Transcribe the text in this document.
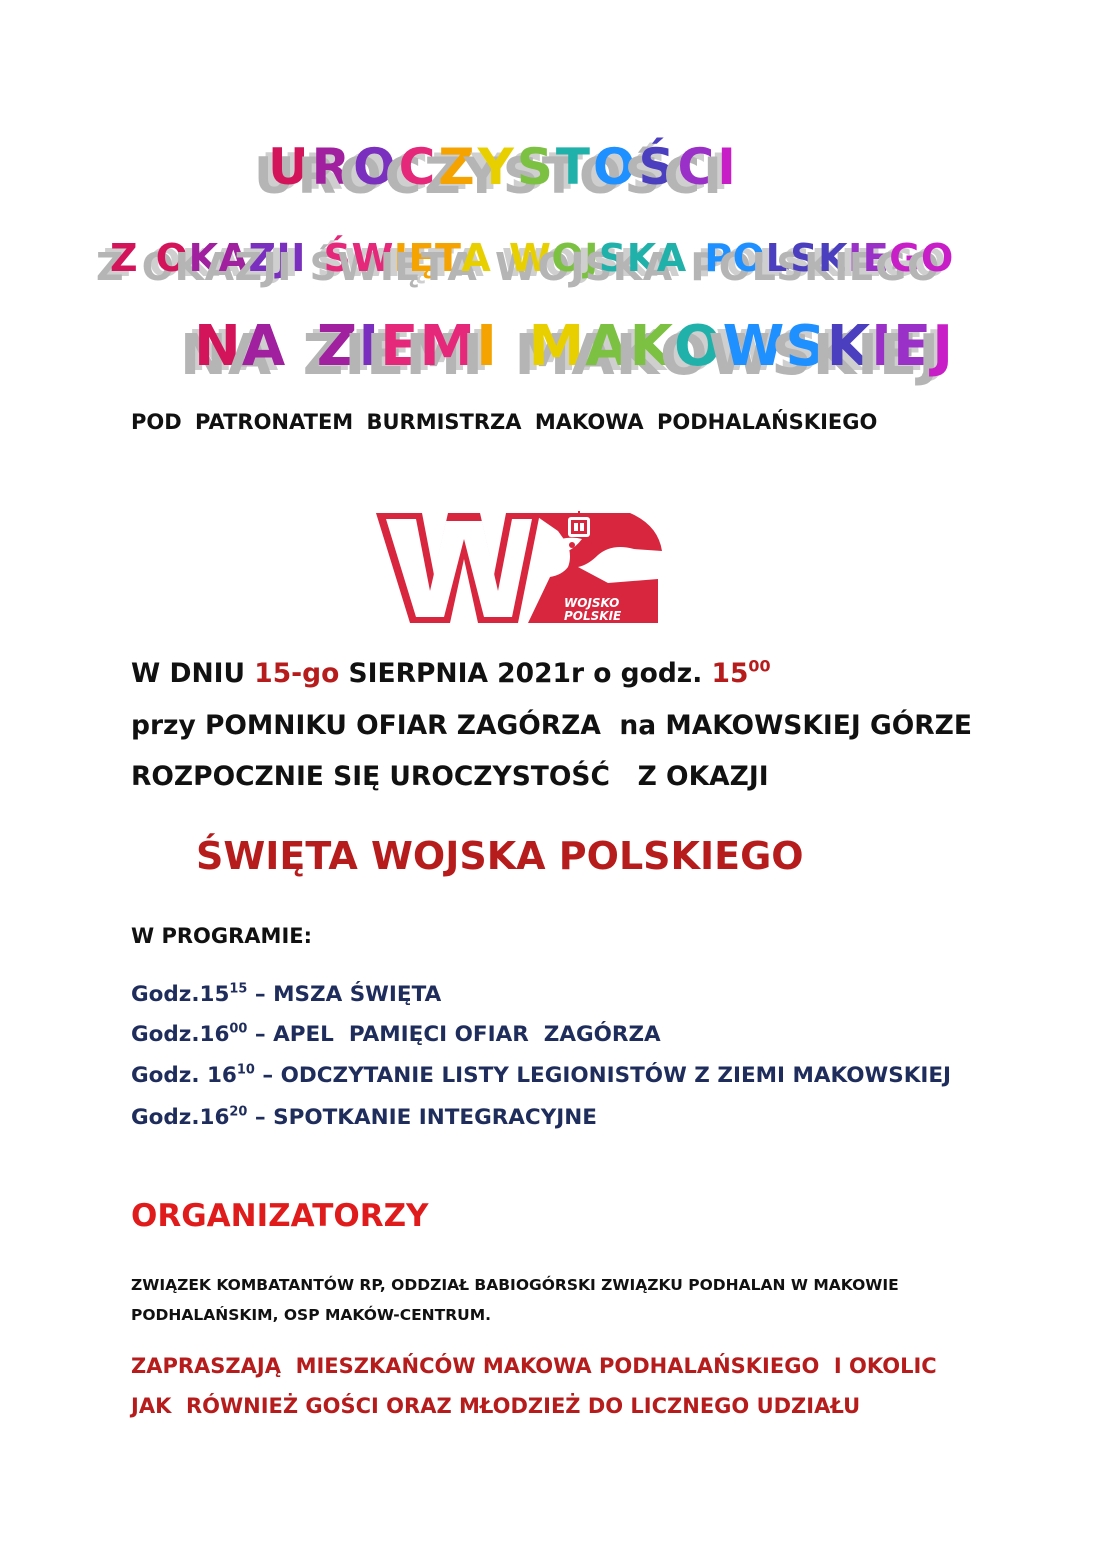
UROCZYSTOŚCI
Z OKAZJI ŚWIĘTA WOJSKA POLSKIEGO
NA ZIEMI MAKOWSKIEJ
POD PATRONATEM BURMISTRZA MAKOWA PODHALAŃSKIEGO
WOJSKO
POLSKIE
W DNIU 15-go SIERPNIA 2021r o godz. $15^{00}$
przy POMNIKU OFIAR ZAGÓRZA  na MAKOWSKIEJ GÓRZE
ROZPOCZNIE SIĘ UROCZYSTOŚĆ   Z OKAZJI
ŚWIĘTA WOJSKA POLSKIEGO
W PROGRAMIE:
$Godz.15^{15}$ – MSZA ŚWIĘTA
$Godz.16^{00}$ – APEL  PAMIĘCI OFIAR  ZAGÓRZA
Godz. $16^{10}$ – ODCZYTANIE LISTY LEGIONISTÓW Z ZIEMI MAKOWSKIEJ
$Godz.16^{20}$ – SPOTKANIE INTEGRACYJNE
ORGANIZATORZY
ZWIĄZEK KOMBATANTÓW RP, ODDZIAŁ BABIOGÓRSKI ZWIĄZKU PODHALAN W MAKOWIE PODHALAŃSKIM, OSP MAKÓW-CENTRUM.
ZAPRASZAJĄ  MIESZKAŃCÓW MAKOWA PODHALAŃSKIEGO  I OKOLIC
JAK  RÓWNIEŻ GOŚCI ORAZ MŁODZIEŻ DO LICZNEGO UDZIAŁU
